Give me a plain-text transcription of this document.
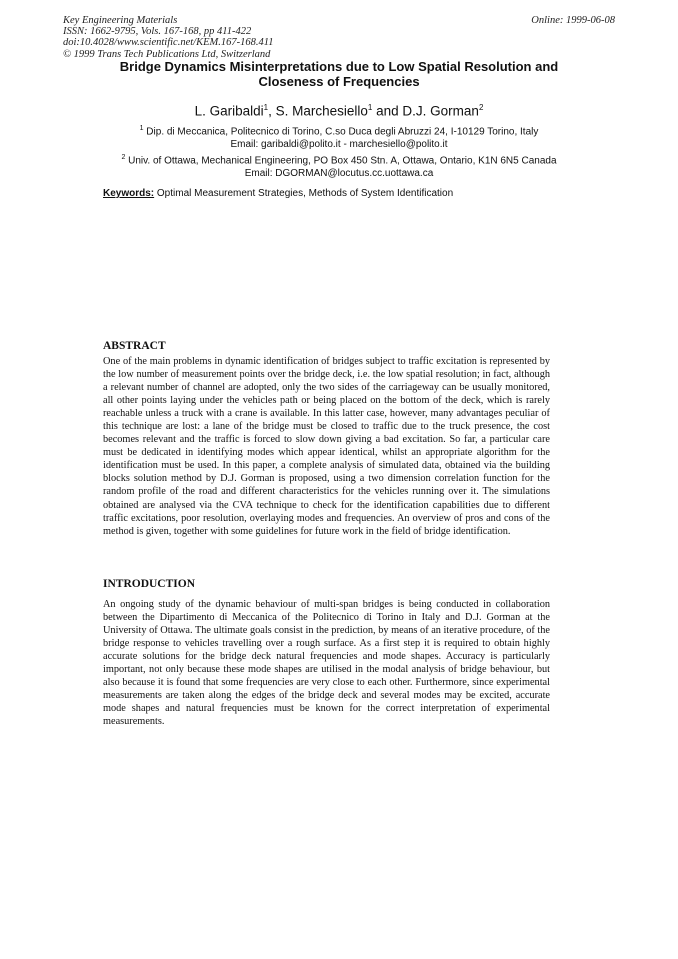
Key Engineering Materials
ISSN: 1662-9795, Vols. 167-168, pp 411-422
doi:10.4028/www.scientific.net/KEM.167-168.411
© 1999 Trans Tech Publications Ltd, Switzerland
Online: 1999-06-08
Bridge Dynamics Misinterpretations due to Low Spatial Resolution and
Closeness of Frequencies
L. Garibaldi$^1$, S. Marchesiello$^1$ and D.J. Gorman$^2$
$^1$ Dip. di Meccanica, Politecnico di Torino, C.so Duca degli Abruzzi 24, I-10129 Torino, Italy
Email: garibaldi@polito.it - marchesiello@polito.it
$^2$ Univ. of Ottawa, Mechanical Engineering, PO Box 450 Stn. A, Ottawa, Ontario, K1N 6N5 Canada
Email: DGORMAN@locutus.cc.uottawa.ca
Keywords: Optimal Measurement Strategies, Methods of System Identification
ABSTRACT
One of the main problems in dynamic identification of bridges subject to traffic excitation is represented by the low number of measurement points over the bridge deck, i.e. the low spatial resolution; in fact, although a relevant number of channel are adopted, only the two sides of the carriageway can be usually monitored, all other points laying under the vehicles path or being placed on the bottom of the deck, which is rarely reachable unless a truck with a crane is available. In this latter case, however, many advantages peculiar of this technique are lost: a lane of the bridge must be closed to traffic due to the truck presence, the cost becomes relevant and the traffic is forced to slow down giving a bad excitation. So far, a particular care must be dedicated in identifying modes which appear identical, whilst an appropriate algorithm for the identification must be used. In this paper, a complete analysis of simulated data, obtained via the building blocks solution method by D.J. Gorman is proposed, using a two dimension correlation function for the random profile of the road and different characteristics for the vehicles running over it. The simulations obtained are analysed via the CVA technique to check for the identification capabilities due to different traffic excitations, poor resolution, overlaying modes and frequencies. An overview of pros and cons of the method is given, together with some guidelines for future work in the field of bridge identification.
INTRODUCTION
An ongoing study of the dynamic behaviour of multi-span bridges is being conducted in collaboration between the Dipartimento di Meccanica of the Politecnico di Torino in Italy and D.J. Gorman at the University of Ottawa. The ultimate goals consist in the prediction, by means of an iterative procedure, of the bridge response to vehicles travelling over a rough surface. As a first step it is required to obtain highly accurate solutions for the bridge deck natural frequencies and mode shapes. Accuracy is particularly important, not only because these mode shapes are utilised in the modal analysis of bridge behaviour, but also because it is found that some frequencies are very close to each other. Furthermore, since experimental measurements are taken along the edges of the bridge deck and several modes may be excited, accurate mode shapes and natural frequencies must be known for the correct interpretation of experimental measurements.
